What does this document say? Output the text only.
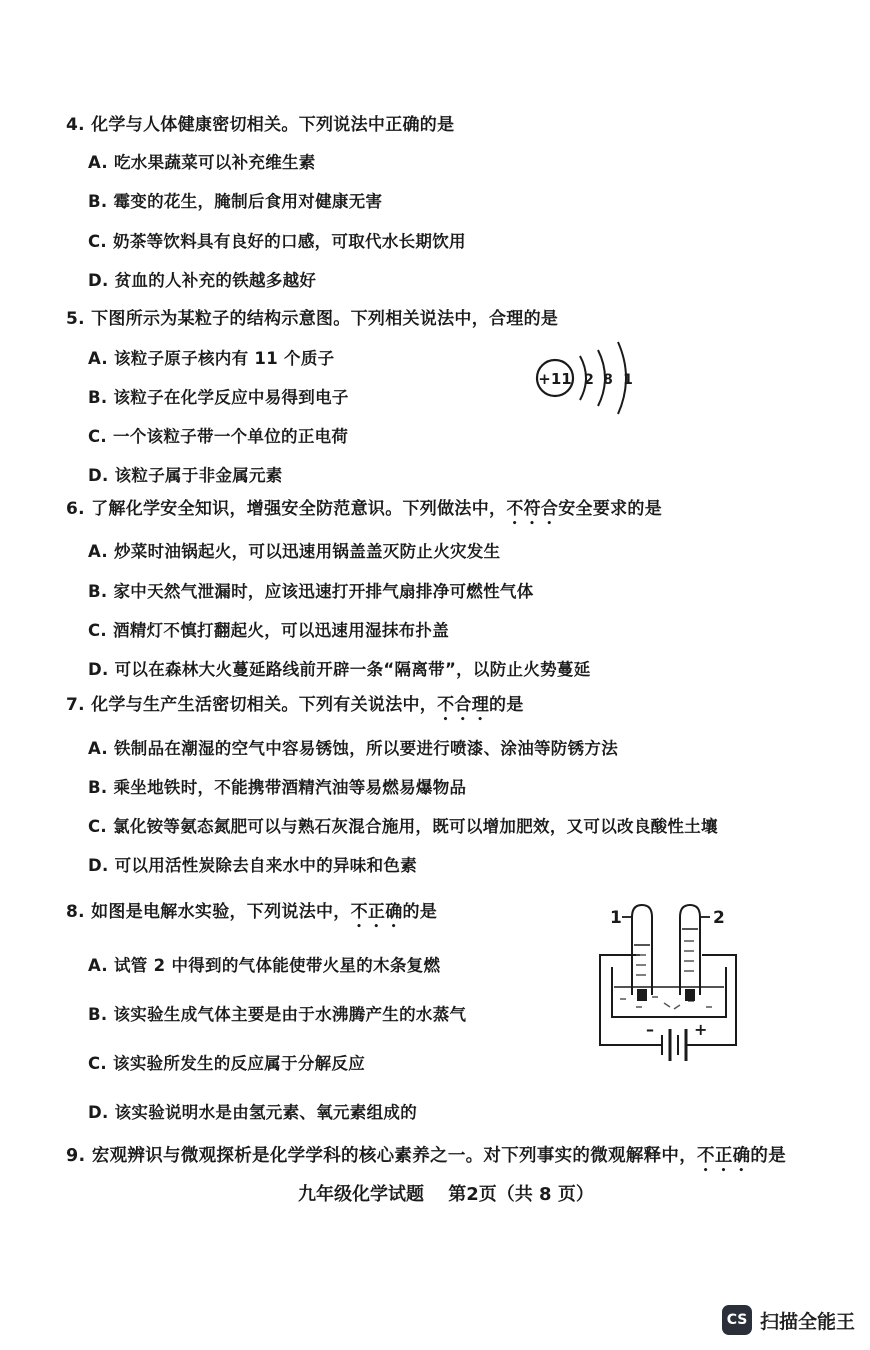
4. 化学与人体健康密切相关。下列说法中正确的是
A. 吃水果蔬菜可以补充维生素
B. 霉变的花生，腌制后食用对健康无害
C. 奶茶等饮料具有良好的口感，可取代水长期饮用
D. 贫血的人补充的铁越多越好
5. 下图所示为某粒子的结构示意图。下列相关说法中，合理的是
A. 该粒子原子核内有 11 个质子
B. 该粒子在化学反应中易得到电子
C. 一个该粒子带一个单位的正电荷
D. 该粒子属于非金属元素
+11 2 8 1
6. 了解化学安全知识，增强安全防范意识。下列做法中，不符合安全要求的是
A. 炒菜时油锅起火，可以迅速用锅盖盖灭防止火灾发生
B. 家中天然气泄漏时，应该迅速打开排气扇排净可燃性气体
C. 酒精灯不慎打翻起火，可以迅速用湿抹布扑盖
D. 可以在森林大火蔓延路线前开辟一条“隔离带”，以防止火势蔓延
7. 化学与生产生活密切相关。下列有关说法中，不合理的是
A. 铁制品在潮湿的空气中容易锈蚀，所以要进行喷漆、涂油等防锈方法
B. 乘坐地铁时，不能携带酒精汽油等易燃易爆物品
C. 氯化铵等氨态氮肥可以与熟石灰混合施用，既可以增加肥效，又可以改良酸性土壤
D. 可以用活性炭除去自来水中的异味和色素
8. 如图是电解水实验，下列说法中，不正确的是
A. 试管 2 中得到的气体能使带火星的木条复燃
B. 该实验生成气体主要是由于水沸腾产生的水蒸气
C. 该实验所发生的反应属于分解反应
D. 该实验说明水是由氢元素、氧元素组成的
–	+
1	2
9. 宏观辨识与微观探析是化学学科的核心素养之一。对下列事实的微观解释中，不正确的是
九年级化学试题　 第2页（共 8 页）
CS 扫描全能王
